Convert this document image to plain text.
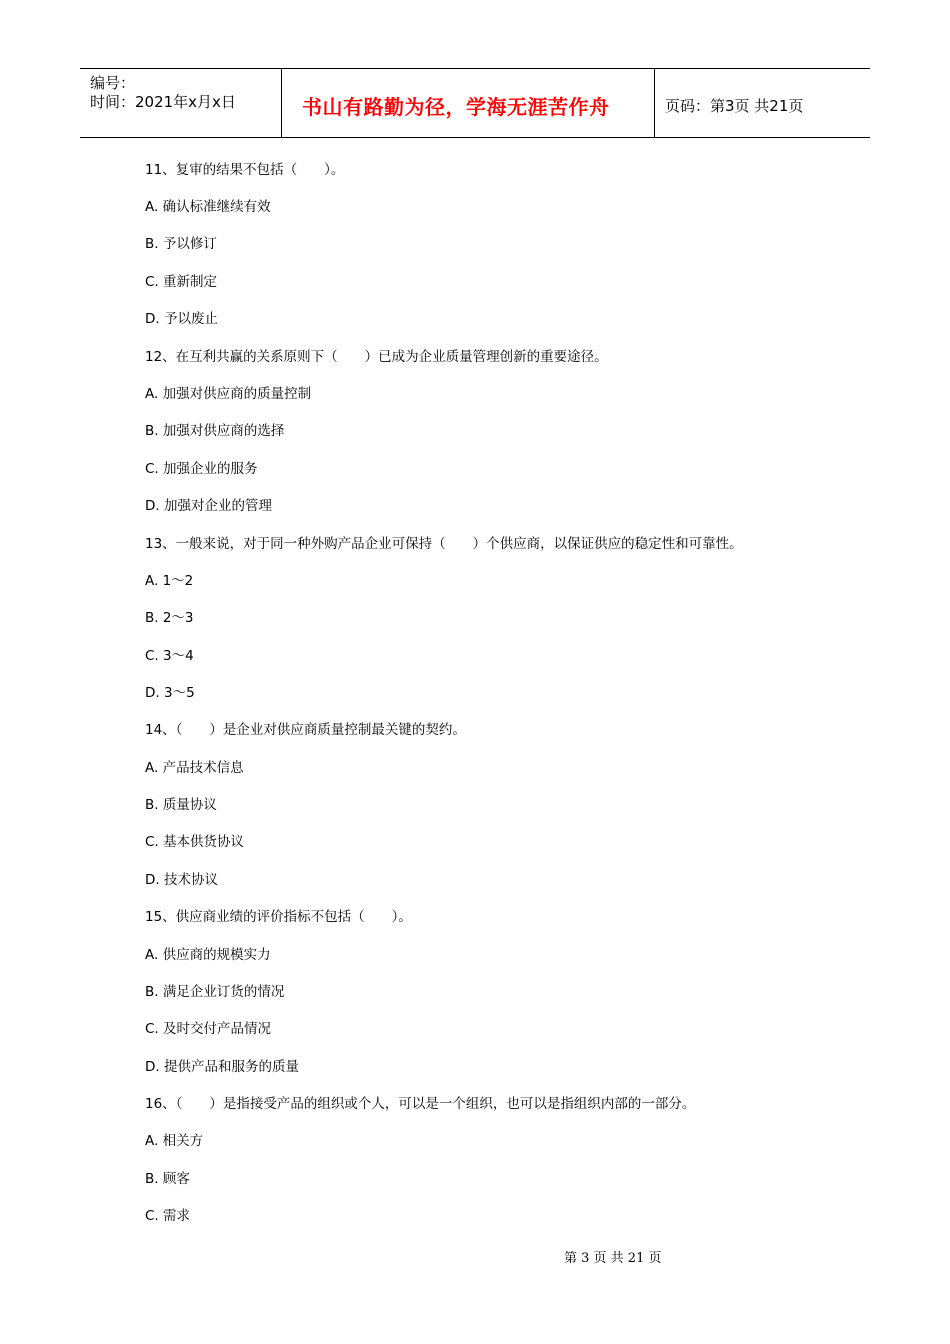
编号：
时间：2021年x月x日	书山有路勤为径，学海无涯苦作舟	页码：第3页 共21页
11、复审的结果不包括（　　）。
A. 确认标准继续有效
B. 予以修订
C. 重新制定
D. 予以废止
12、在互利共赢的关系原则下（　　）已成为企业质量管理创新的重要途径。
A. 加强对供应商的质量控制
B. 加强对供应商的选择
C. 加强企业的服务
D. 加强对企业的管理
13、一般来说，对于同一种外购产品企业可保持（　　）个供应商，以保证供应的稳定性和可靠性。
A. 1～2
B. 2～3
C. 3～4
D. 3～5
14、（　　）是企业对供应商质量控制最关键的契约。
A. 产品技术信息
B. 质量协议
C. 基本供货协议
D. 技术协议
15、供应商业绩的评价指标不包括（　　）。
A. 供应商的规模实力
B. 满足企业订货的情况
C. 及时交付产品情况
D. 提供产品和服务的质量
16、（　　）是指接受产品的组织或个人，可以是一个组织，也可以是指组织内部的一部分。
A. 相关方
B. 顾客
C. 需求
第 3 页 共 21 页
